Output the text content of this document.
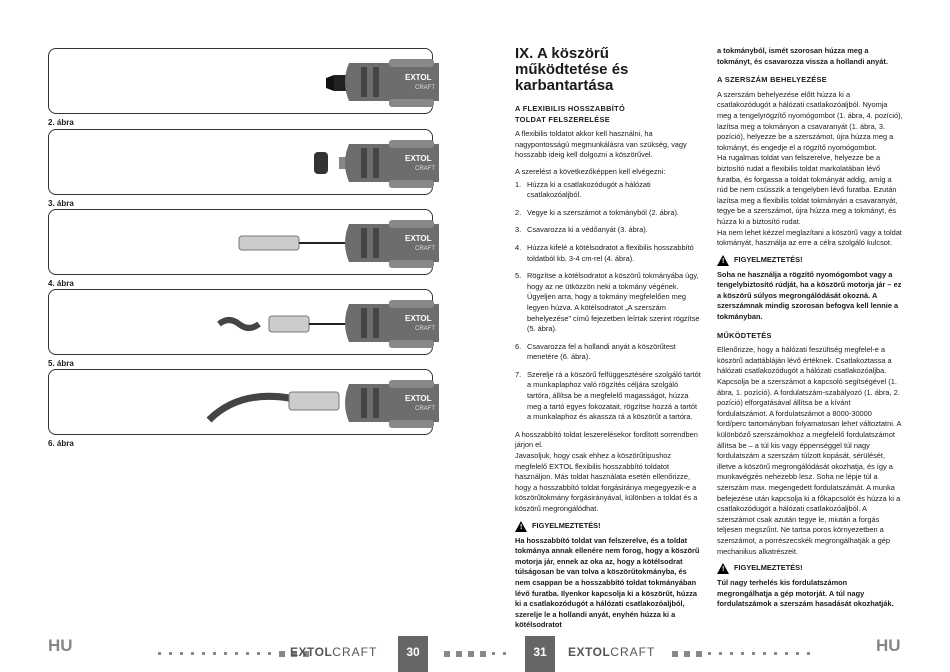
EXTOL
CRAFT
2. ábra
EXTOL
CRAFT
3. ábra
EXTOL
CRAFT
4. ábra
EXTOL
CRAFT
5. ábra
EXTOL
CRAFT
6. ábra
IX. A köszörű működtetése és karbantartása
A FLEXIBILIS HOSSZABBÍTÓ
TOLDAT FELSZERELÉSE
A flexibilis toldatot akkor kell használni, ha nagypontosságú megmunkálásra van szükség, vagy hosszabb ideig kell dolgozni a köszörűvel.
A szerelést a következőképpen kell elvégezni:
1. Húzza ki a csatlakozódugót a hálózati csatlakozóaljból.
2. Vegye ki a szerszámot a tokmányból (2. ábra).
3. Csavarozza ki a védőanyát (3. ábra).
4. Húzza kifelé a kötélsodratot a flexibilis hosszabbító toldatból kb. 3-4 cm-rel (4. ábra).
5. Rögzítse a kötélsodratot a köszörű tokmányába úgy, hogy az ne ütközzön neki a tokmány végének. Ügyeljen arra, hogy a tokmány megfelelően meg legyen húzva. A kötélsodratot „A szerszám behelyezése” című fejezetben leírtak szerint rögzítse (5. ábra).
6. Csavarozza fel a hollandi anyát a köszörűtest menetére (6. ábra).
7. Szerelje rá a köszörű felfüggesztésére szolgáló tartót a munkaplaphoz való rögzítés céljára szolgáló tartóra, állítsa be a megfelelő magasságot, húzza meg a tartó egyes fokozatait, rögzítse hozzá a tartót a munkalaphoz és akassza rá a köszörűt a tartóra.
A hosszabbító toldat leszerelésekor fordított sorrendben járjon el.
Javasoljuk, hogy csak ehhez a köszörűtípushoz megfelelő EXTOL flexibilis hosszabbító toldatot használjon. Más toldat használata esetén ellenőrizze, hogy a hosszabbító toldat forgásiránya megegyezik-e a köszörűtokmány forgásirányával, különben a toldat és a köszörű megrongálódhat.
! FIGYELMEZTETÉS!
Ha hosszabbító toldat van felszerelve, és a toldat tokmánya annak ellenére nem forog, hogy a köszörű motorja jár, ennek az oka az, hogy a kötélsodrat túlságosan be van tolva a köszörűtokmányba, és nem csappan be a hosszabbító toldat tokmányában lévő furatba. Ilyenkor kapcsolja ki a köszörűt, húzza ki a csatlakozódugót a hálózati csatlakozóaljból, szerelje le a hollandi anyát, enyhén húzza ki a kötélsodratot
a tokmányból, ismét szorosan húzza meg a tokmányt, és csavarozza vissza a hollandi anyát.
A SZERSZÁM BEHELYEZÉSE
A szerszám behelyezése előtt húzza ki a csatlakozódugót a hálózati csatlakozóaljból. Nyomja meg a tengelyrögzítő nyomógombot (1. ábra, 4. pozíció), lazítsa meg a tokmányon a csavaranyát (1. ábra, 3. pozíció), helyezze be a szerszámot, újra húzza meg a tokmányt, és engedje el a rögzítő nyomógombot.
Ha rugalmas toldat van felszerelve, helyezze be a biztosító rudat a flexibilis toldat markolatában lévő furatba, és forgassa a toldat tokmányát addig, amíg a rúd be nem csússzik a tengelyben lévő furatba. Ezután lazítsa meg a flexibilis toldat tokmányán a csavaranyát, tegye be a szerszámot, újra húzza meg a tokmányt, és húzza ki a biztosító rudat.
Ha nem lehet kézzel meglazítani a köszörű vagy a toldat tokmányát, használja az erre a célra szolgáló kulcsot.
! FIGYELMEZTETÉS!
Soha ne használja a rögzítő nyomógombot vagy a tengelybiztosító rúdját, ha a köszörű motorja jár – ez a köszörű súlyos megrongálódását okozná. A szerszámnak mindig szorosan befogva kell lennie a tokmányban.
MŰKÖDTETÉS
Ellenőrizze, hogy a hálózati feszültség megfelel-e a köszörű adattábláján lévő értéknek. Csatlakoztassa a hálózati csatlakozódugót a hálózati csatlakozóaljba. Kapcsolja be a szerszámot a kapcsoló segítségével (1. ábra, 1. pozíció). A fordulatszám-szabályozó (1. ábra, 2. pozíció) elforgatásával állítsa be a kívánt fordulatszámot. A fordulatszámot a 8000-30000 ford/perc tartományban folyamatosan lehet változtatni. A különböző szerszámokhoz a megfelelő fordulatszámot állítsa be – a túl kis vagy éppenséggel túl nagy fordulatszám a szerszám túlzott kopását, sérülését, illetve a köszörű megrongálódását okozhatja, és így a munkavégzés nehezebb lesz. Soha ne lépje túl a szerszám max. megengedett fordulatszámát. A munka befejezése után kapcsolja ki a főkapcsolót és húzza ki a csatlakozódugót a hálózati csatlakozóaljból. A szerszámot csak azután tegye le, miután a forgás teljesen megszűnt. Ne tartsa poros környezetben a szerszámot, a porrészecskék megrongálhatják a gép mechanikus alkatrészeit.
! FIGYELMEZTETÉS!
Túl nagy terhelés kis fordulatszámon megrongálhatja a gép motorját. A túl nagy fordulatszámok a szerszám hasadását okozhatják.
HU	HU
EXTOLCRAFT	30	31	EXTOLCRAFT
